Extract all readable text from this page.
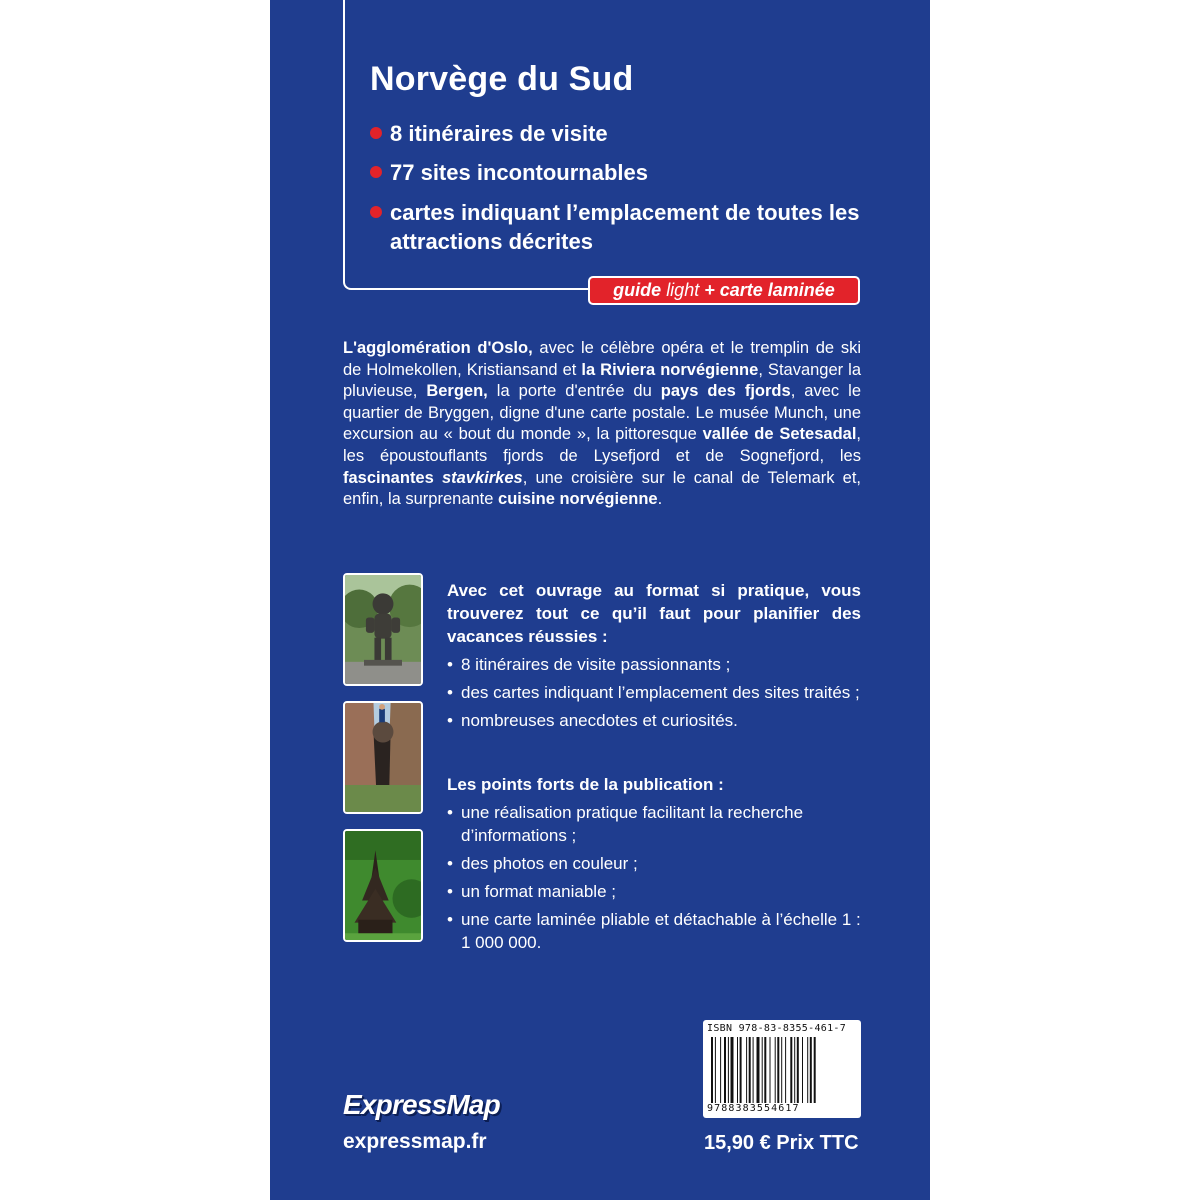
Norvège du Sud

8 itinéraires de visite

77 sites incontournables

cartes indiquant l’emplacement de toutes les attractions décrites

guide light + carte laminée

L'agglomération d'Oslo, avec le célèbre opéra et le tremplin de ski de Holmekollen, Kristiansand et la Riviera norvégienne, Stavanger la pluvieuse, Bergen, la porte d'entrée du pays des fjords, avec le quartier de Bryggen, digne d'une carte postale. Le musée Munch, une excursion au « bout du monde », la pittoresque vallée de Setesadal, les époustouflants fjords de Lysefjord et de Sognefjord, les fascinantes stavkirkes, une croisière sur le canal de Telemark et, enfin, la surprenante cuisine norvégienne.

Avec cet ouvrage au format si pratique, vous trouverez tout ce qu’il faut pour planifier des vacances réussies :

• 8 itinéraires de visite passionnants ;
• des cartes indiquant l’emplacement des sites traités ;
• nombreuses anecdotes et curiosités.

Les points forts de la publication :

• une réalisation pratique facilitant la recherche d’informations ;
• des photos en couleur ;
• un format maniable ;
• une carte laminée pliable et détachable à l’échelle 1 : 1 000 000.

ExpressMap

expressmap.fr

ISBN 978-83-8355-461-7

9788383554617

15,90 € Prix TTC
